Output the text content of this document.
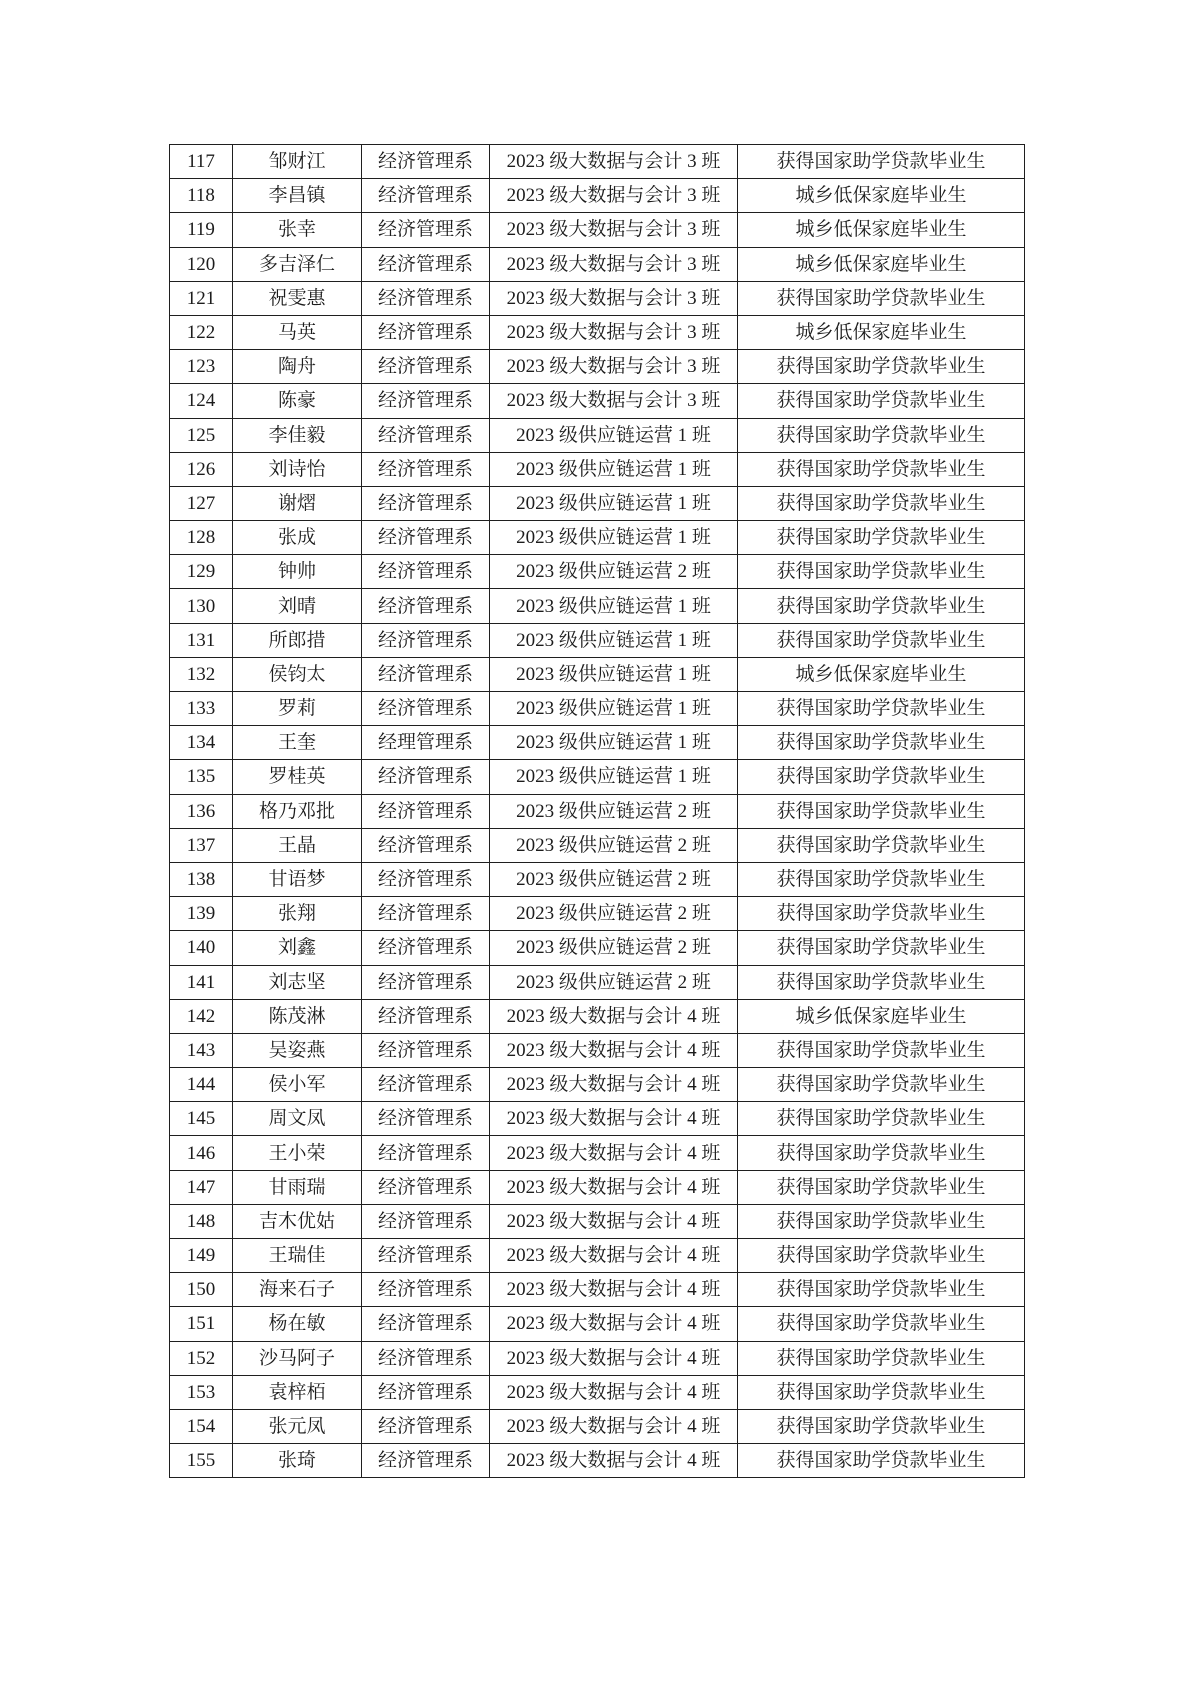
117	邹财江	经济管理系	2023 级大数据与会计 3 班	获得国家助学贷款毕业生
118	李昌镇	经济管理系	2023 级大数据与会计 3 班	城乡低保家庭毕业生
119	张幸	经济管理系	2023 级大数据与会计 3 班	城乡低保家庭毕业生
120	多吉泽仁	经济管理系	2023 级大数据与会计 3 班	城乡低保家庭毕业生
121	祝雯惠	经济管理系	2023 级大数据与会计 3 班	获得国家助学贷款毕业生
122	马英	经济管理系	2023 级大数据与会计 3 班	城乡低保家庭毕业生
123	陶舟	经济管理系	2023 级大数据与会计 3 班	获得国家助学贷款毕业生
124	陈豪	经济管理系	2023 级大数据与会计 3 班	获得国家助学贷款毕业生
125	李佳毅	经济管理系	2023 级供应链运营 1 班	获得国家助学贷款毕业生
126	刘诗怡	经济管理系	2023 级供应链运营 1 班	获得国家助学贷款毕业生
127	谢熠	经济管理系	2023 级供应链运营 1 班	获得国家助学贷款毕业生
128	张成	经济管理系	2023 级供应链运营 1 班	获得国家助学贷款毕业生
129	钟帅	经济管理系	2023 级供应链运营 2 班	获得国家助学贷款毕业生
130	刘晴	经济管理系	2023 级供应链运营 1 班	获得国家助学贷款毕业生
131	所郎措	经济管理系	2023 级供应链运营 1 班	获得国家助学贷款毕业生
132	侯钧太	经济管理系	2023 级供应链运营 1 班	城乡低保家庭毕业生
133	罗莉	经济管理系	2023 级供应链运营 1 班	获得国家助学贷款毕业生
134	王奎	经理管理系	2023 级供应链运营 1 班	获得国家助学贷款毕业生
135	罗桂英	经济管理系	2023 级供应链运营 1 班	获得国家助学贷款毕业生
136	格乃邓批	经济管理系	2023 级供应链运营 2 班	获得国家助学贷款毕业生
137	王晶	经济管理系	2023 级供应链运营 2 班	获得国家助学贷款毕业生
138	甘语梦	经济管理系	2023 级供应链运营 2 班	获得国家助学贷款毕业生
139	张翔	经济管理系	2023 级供应链运营 2 班	获得国家助学贷款毕业生
140	刘鑫	经济管理系	2023 级供应链运营 2 班	获得国家助学贷款毕业生
141	刘志坚	经济管理系	2023 级供应链运营 2 班	获得国家助学贷款毕业生
142	陈茂淋	经济管理系	2023 级大数据与会计 4 班	城乡低保家庭毕业生
143	吴姿燕	经济管理系	2023 级大数据与会计 4 班	获得国家助学贷款毕业生
144	侯小军	经济管理系	2023 级大数据与会计 4 班	获得国家助学贷款毕业生
145	周文凤	经济管理系	2023 级大数据与会计 4 班	获得国家助学贷款毕业生
146	王小荣	经济管理系	2023 级大数据与会计 4 班	获得国家助学贷款毕业生
147	甘雨瑞	经济管理系	2023 级大数据与会计 4 班	获得国家助学贷款毕业生
148	吉木优姑	经济管理系	2023 级大数据与会计 4 班	获得国家助学贷款毕业生
149	王瑞佳	经济管理系	2023 级大数据与会计 4 班	获得国家助学贷款毕业生
150	海来石子	经济管理系	2023 级大数据与会计 4 班	获得国家助学贷款毕业生
151	杨在敏	经济管理系	2023 级大数据与会计 4 班	获得国家助学贷款毕业生
152	沙马阿子	经济管理系	2023 级大数据与会计 4 班	获得国家助学贷款毕业生
153	袁梓栢	经济管理系	2023 级大数据与会计 4 班	获得国家助学贷款毕业生
154	张元凤	经济管理系	2023 级大数据与会计 4 班	获得国家助学贷款毕业生
155	张琦	经济管理系	2023 级大数据与会计 4 班	获得国家助学贷款毕业生
